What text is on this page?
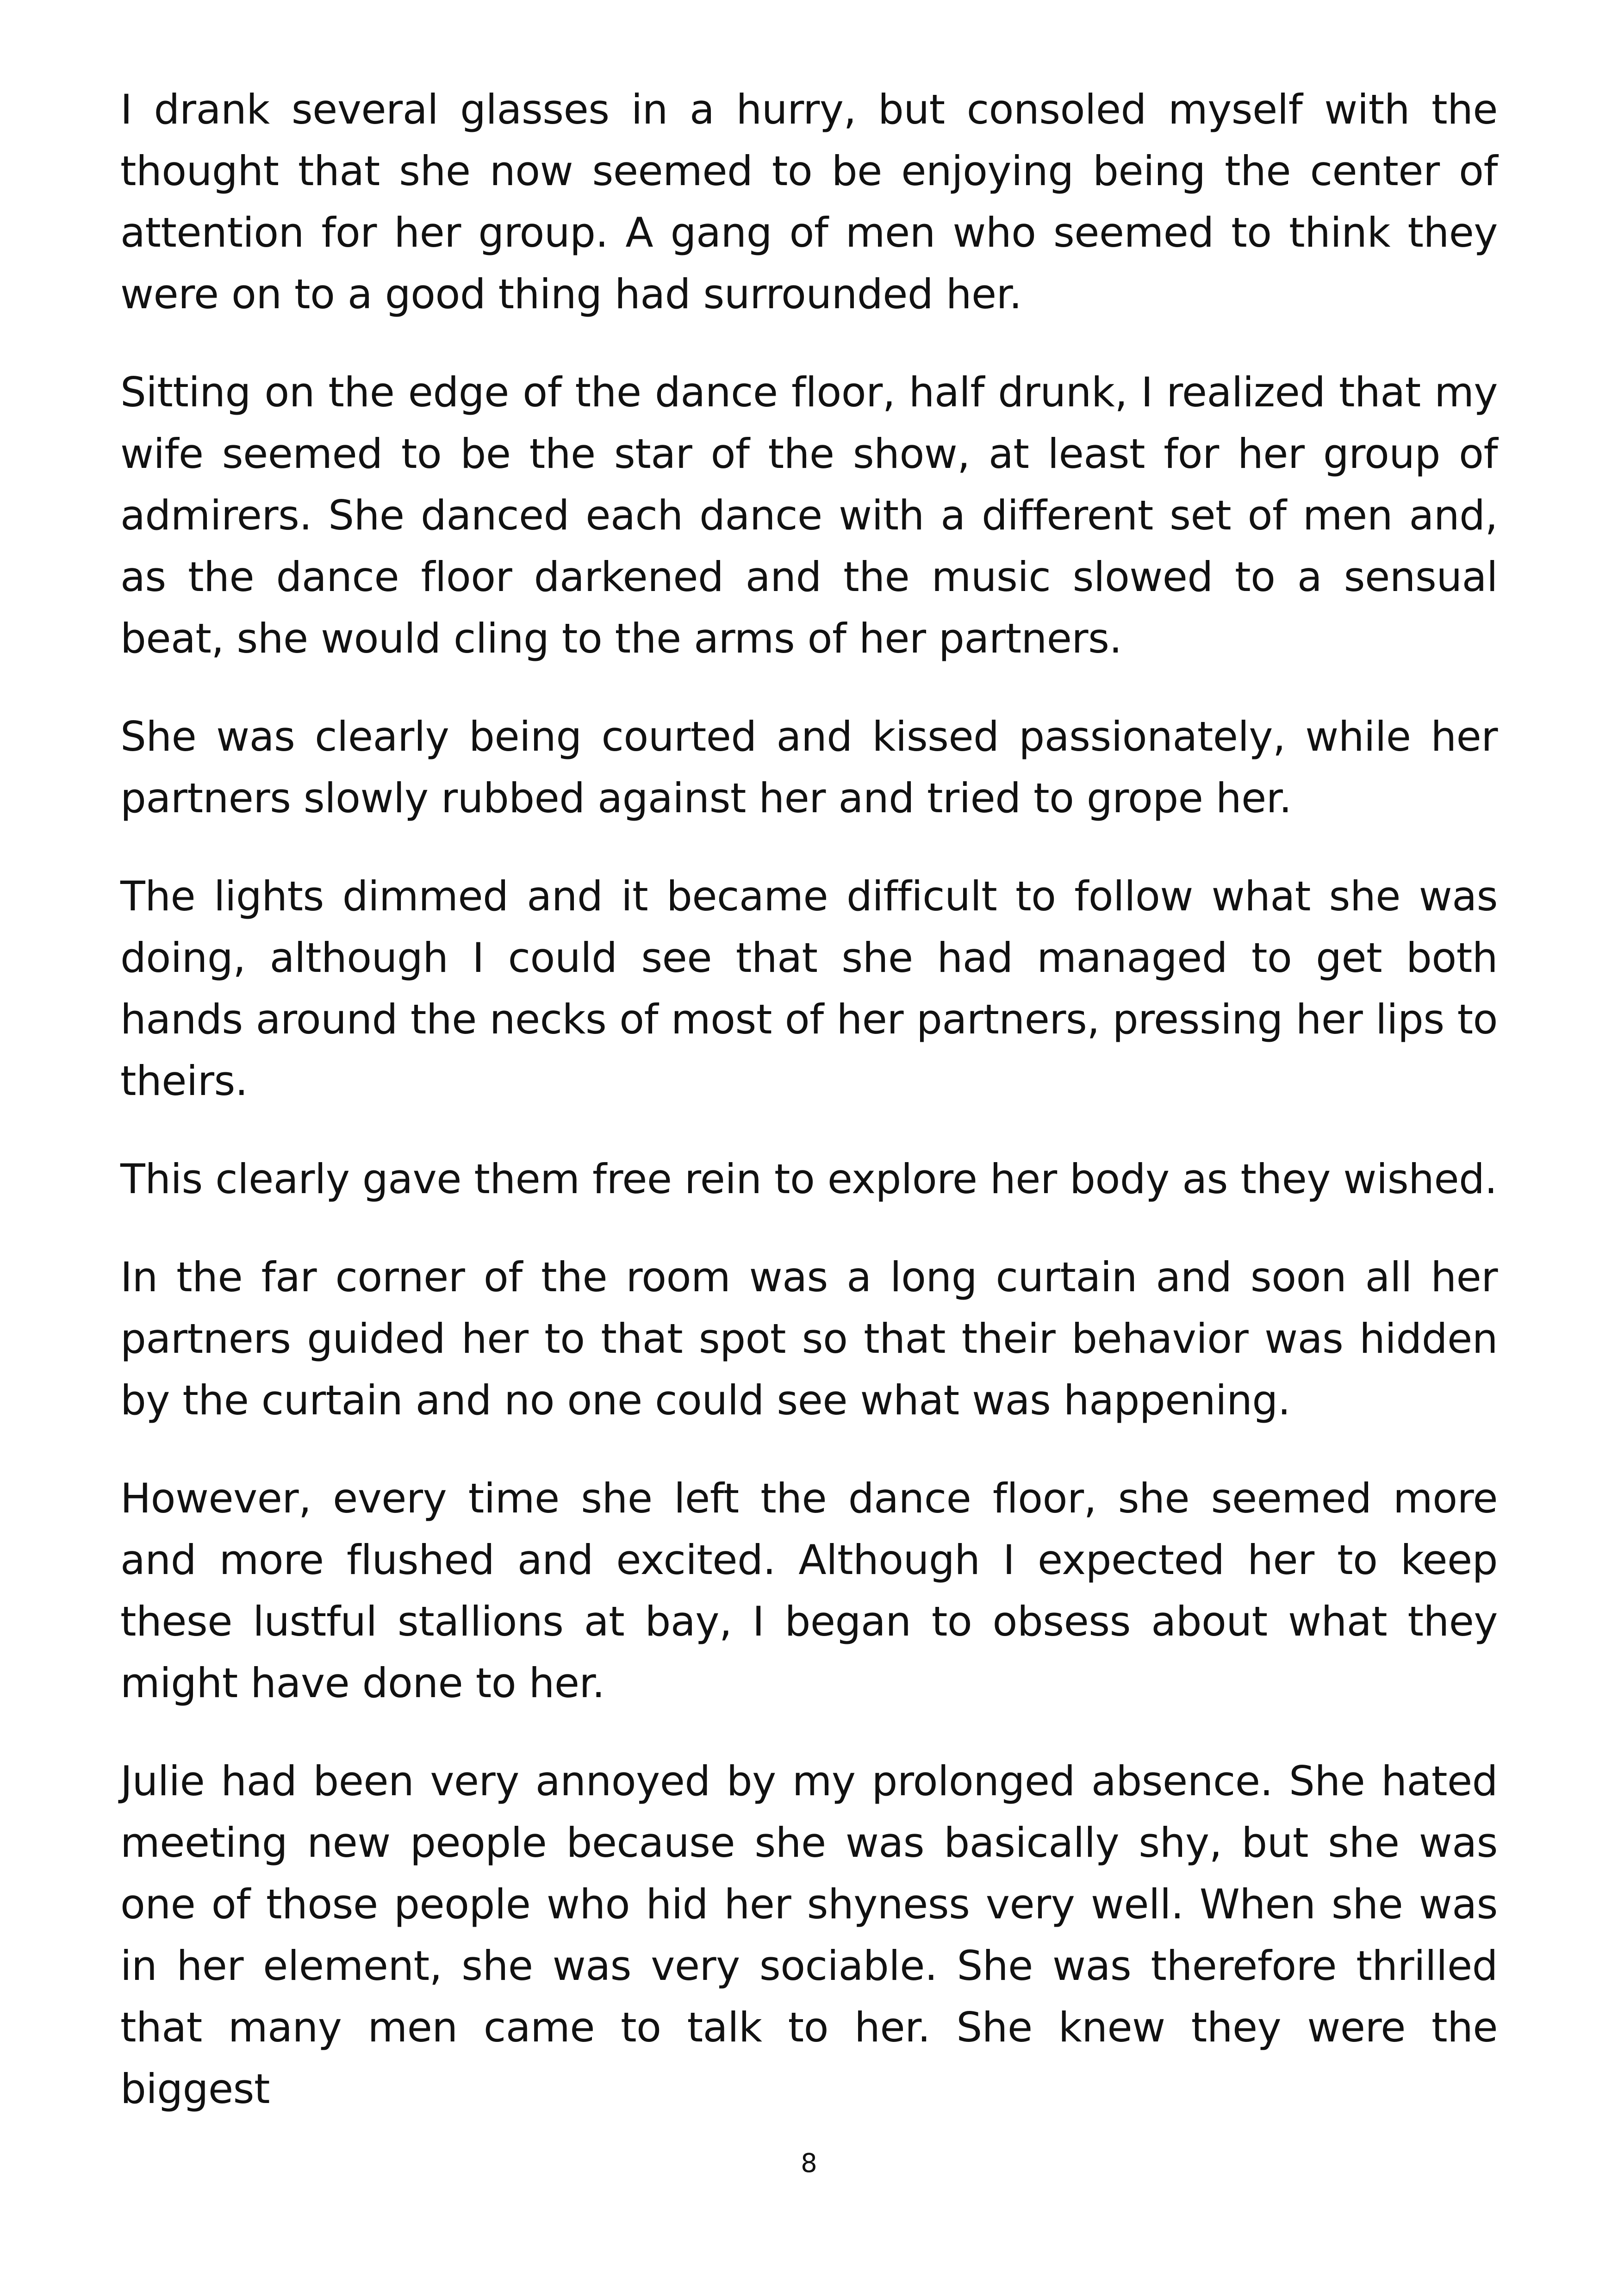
I drank several glasses in a hurry, but consoled myself with the thought that she now seemed to be enjoying being the center of attention for her group. A gang of men who seemed to think they were on to a good thing had surrounded her.

Sitting on the edge of the dance floor, half drunk, I realized that my wife seemed to be the star of the show, at least for her group of admirers. She danced each dance with a different set of men and, as the dance floor darkened and the music slowed to a sensual beat, she would cling to the arms of her partners.

She was clearly being courted and kissed passionately, while her partners slowly rubbed against her and tried to grope her.

The lights dimmed and it became difficult to follow what she was doing, although I could see that she had managed to get both hands around the necks of most of her partners, pressing her lips to theirs.

This clearly gave them free rein to explore her body as they wished.

In the far corner of the room was a long curtain and soon all her partners guided her to that spot so that their behavior was hidden by the curtain and no one could see what was happening.

However, every time she left the dance floor, she seemed more and more flushed and excited. Although I expected her to keep these lustful stallions at bay, I began to obsess about what they might have done to her.

Julie had been very annoyed by my prolonged absence. She hated meeting new people because she was basically shy, but she was one of those people who hid her shyness very well. When she was in her element, she was very sociable. She was therefore thrilled that many men came to talk to her. She knew they were the biggest

8
